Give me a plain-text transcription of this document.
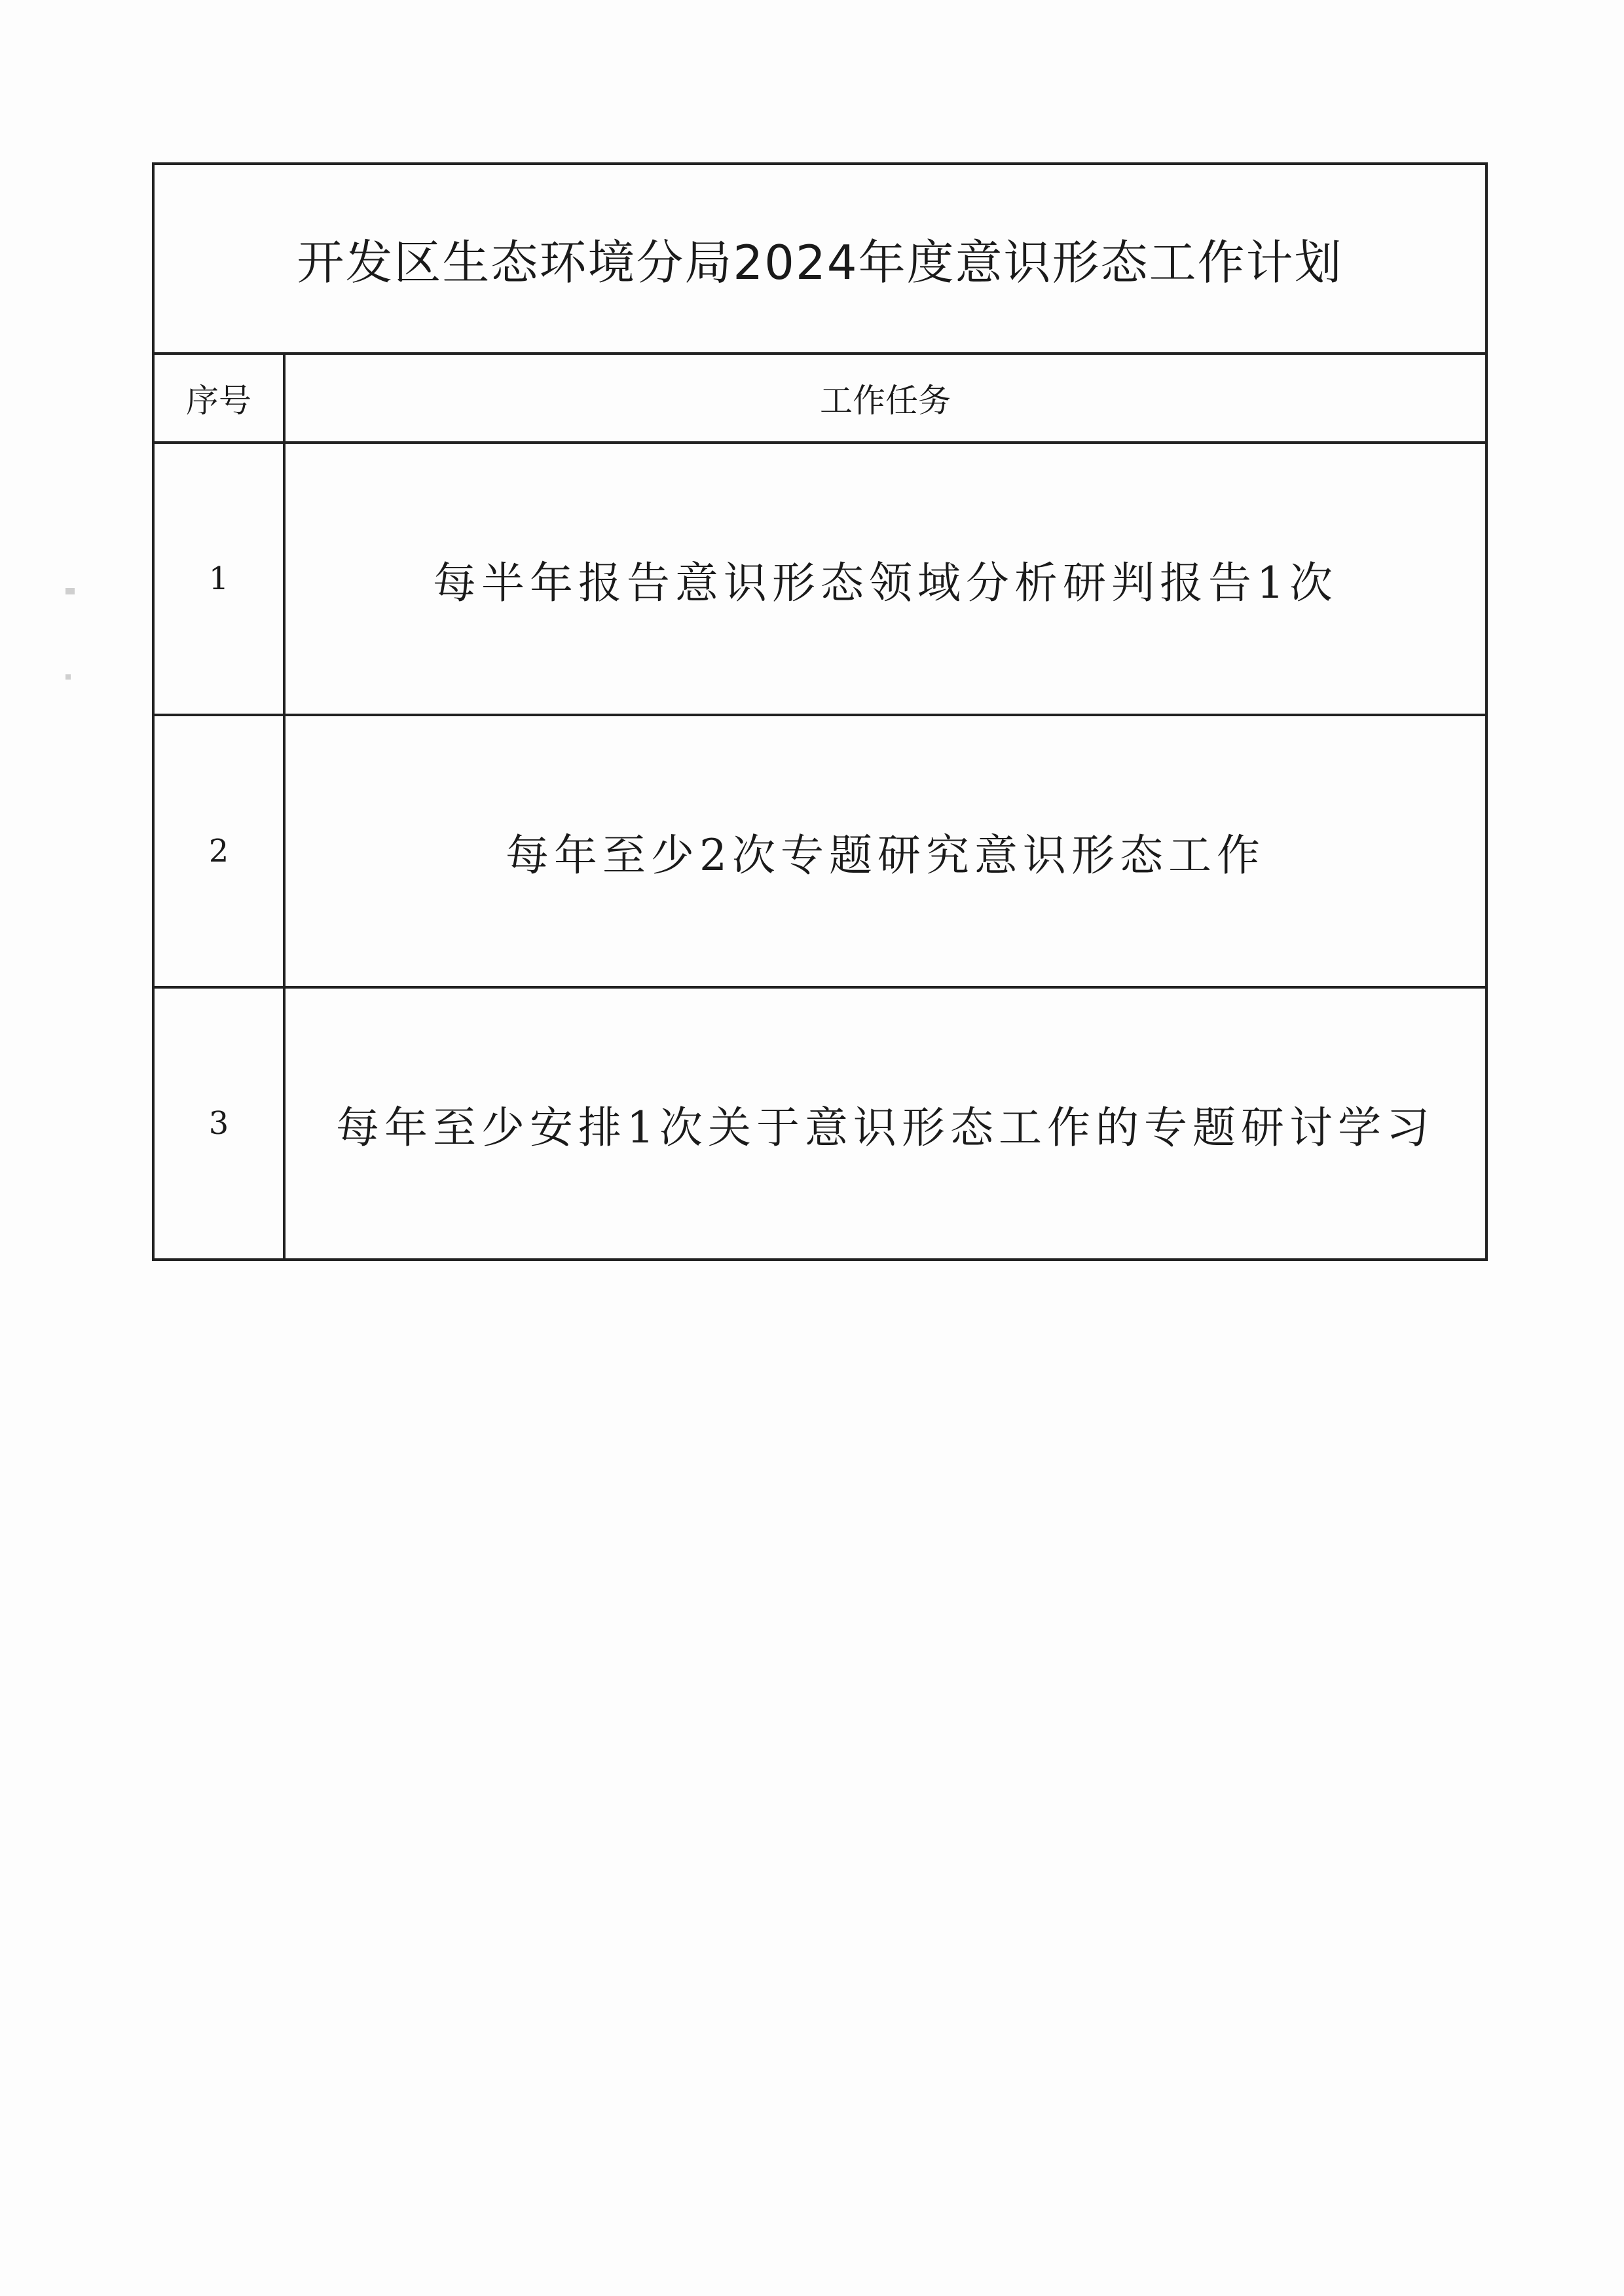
开发区生态环境分局2024年度意识形态工作计划	
序号	工作任务
1	每半年报告意识形态领域分析研判报告1次
2	每年至少2次专题研究意识形态工作
3	每年至少安排1次关于意识形态工作的专题研讨学习
